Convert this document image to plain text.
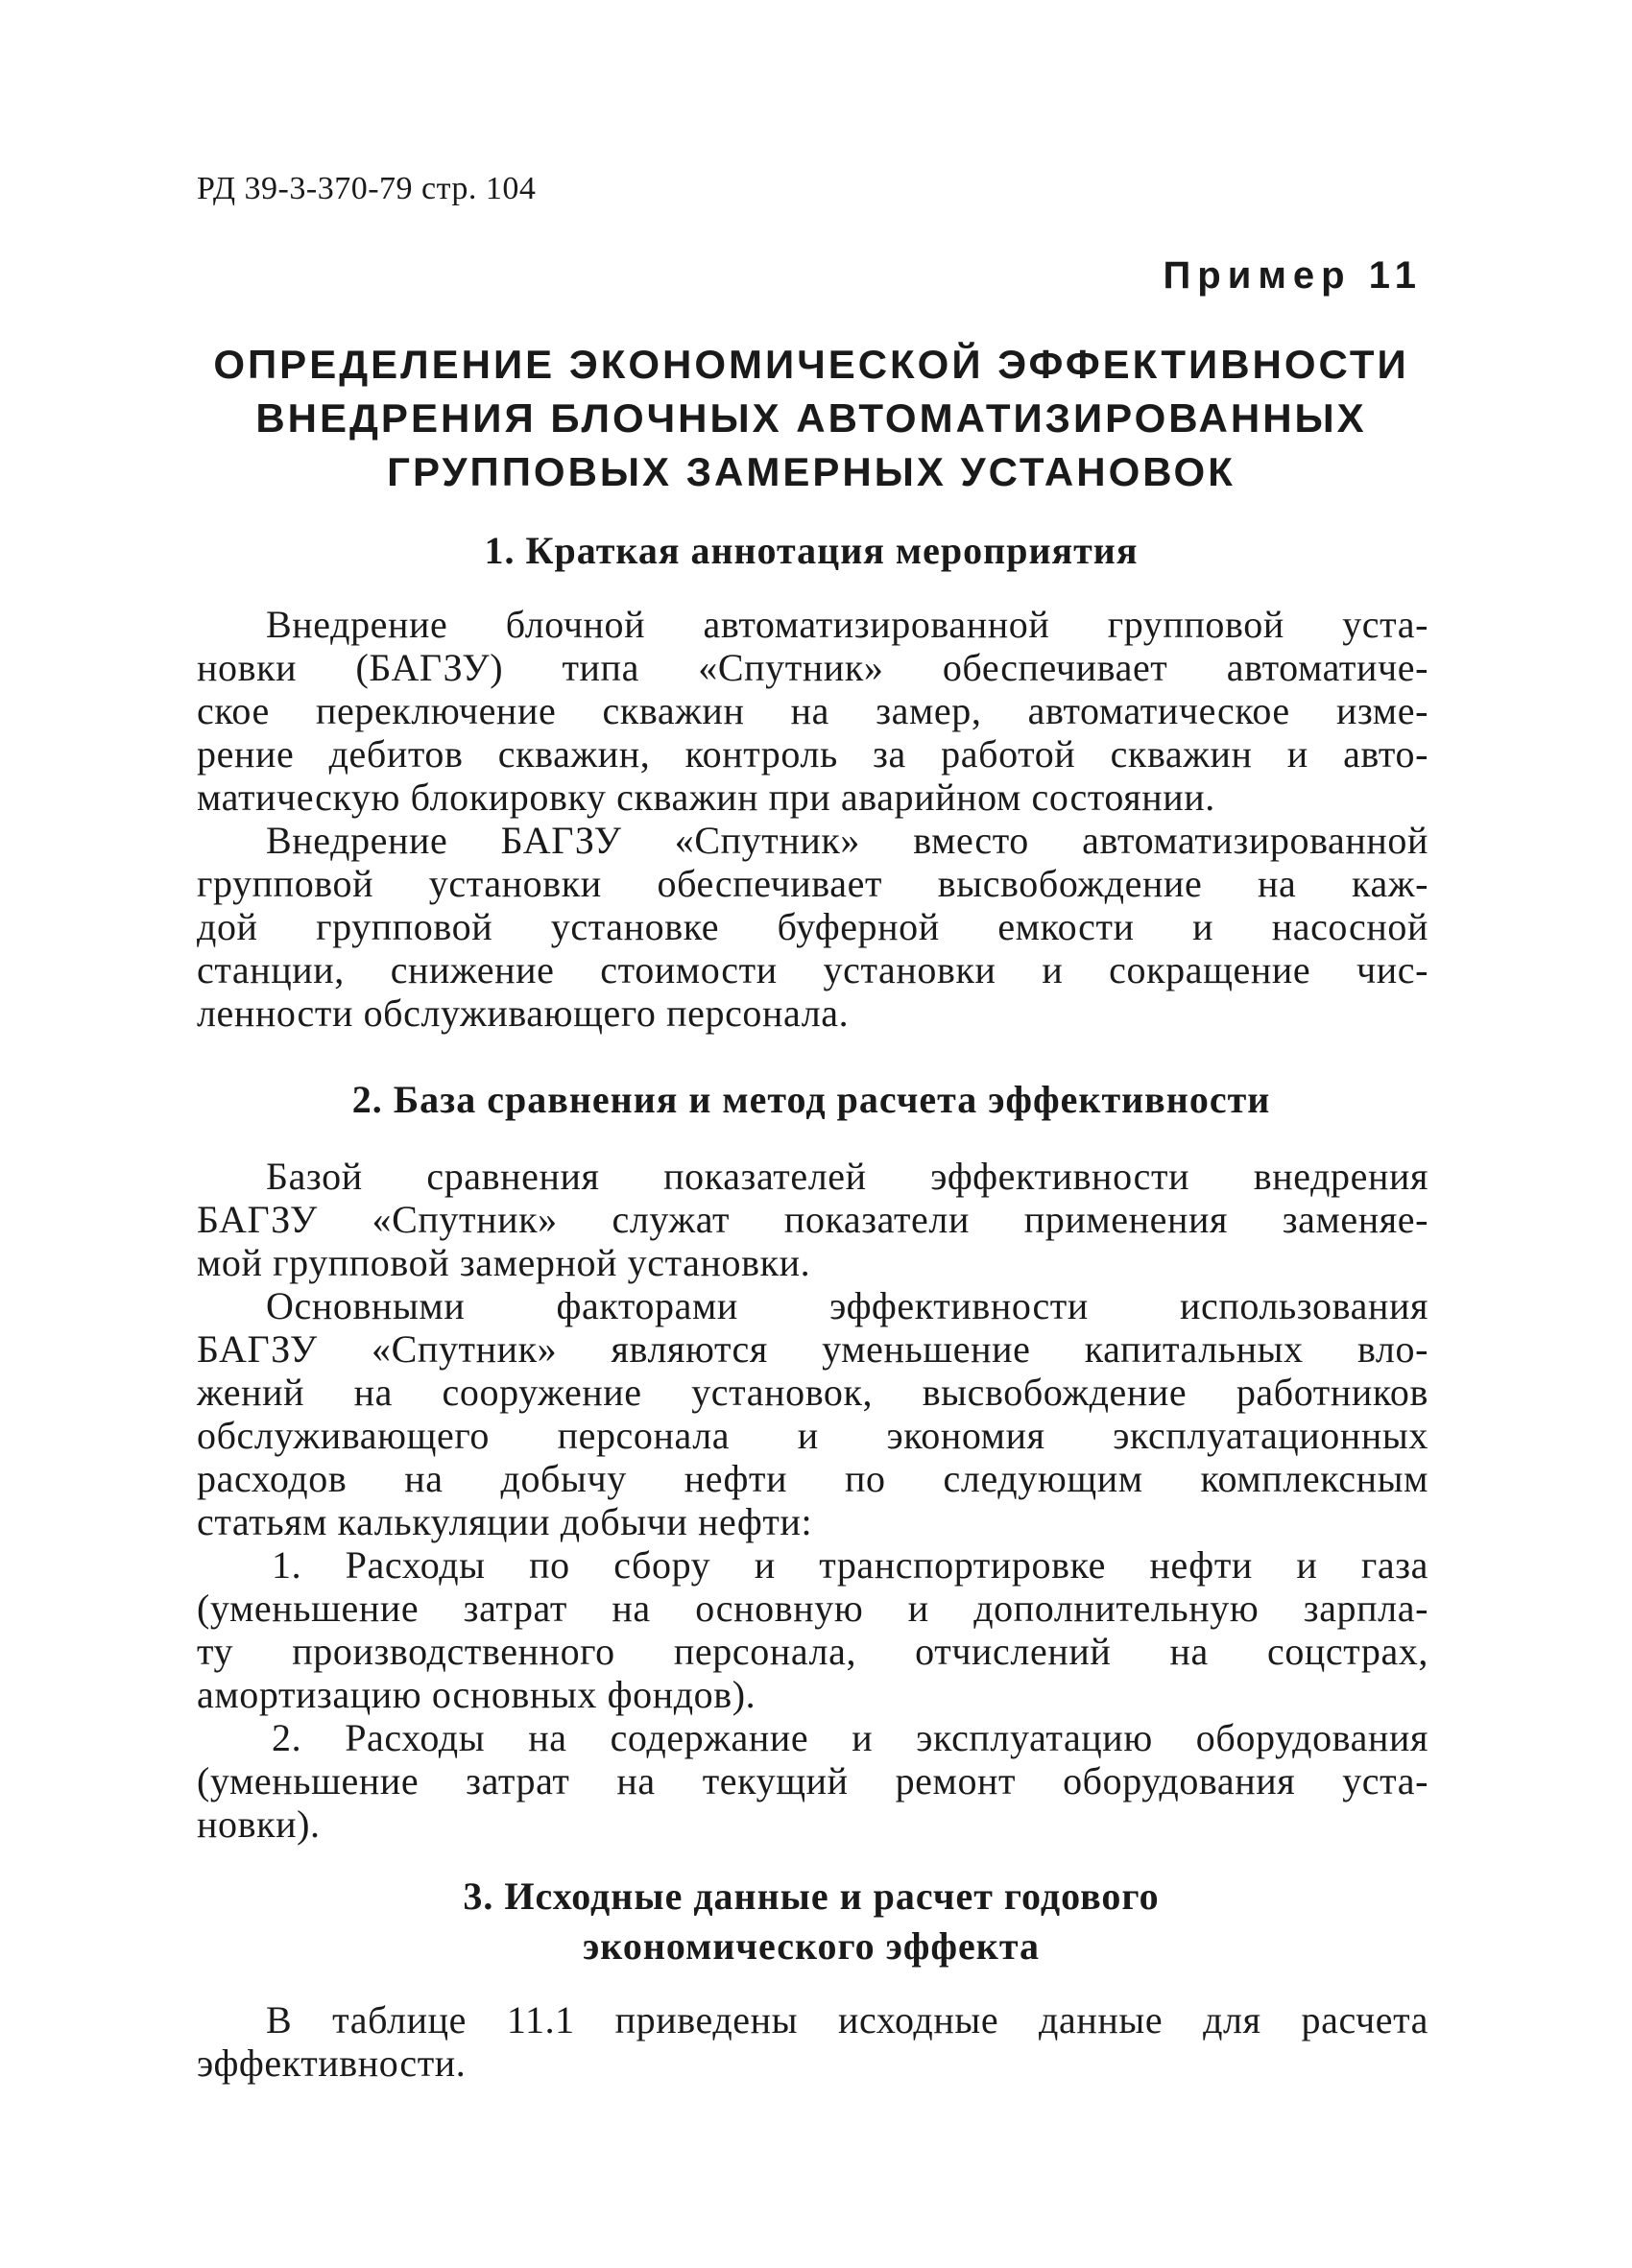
РД 39-3-370-79 стр. 104
Пример 11
ОПРЕДЕЛЕНИЕ ЭКОНОМИЧЕСКОЙ ЭФФЕКТИВНОСТИ
ВНЕДРЕНИЯ БЛОЧНЫХ АВТОМАТИЗИРОВАННЫХ
ГРУППОВЫХ ЗАМЕРНЫХ УСТАНОВОК
1. Краткая аннотация мероприятия
Внедрение блочной автоматизированной групповой уста-
новки (БАГЗУ) типа «Спутник» обеспечивает автоматиче-
ское переключение скважин на замер, автоматическое изме-
рение дебитов скважин, контроль за работой скважин и авто-
матическую блокировку скважин при аварийном состоянии.
Внедрение БАГЗУ «Спутник» вместо автоматизированной
групповой установки обеспечивает высвобождение на каж-
дой групповой установке буферной емкости и насосной
станции, снижение стоимости установки и сокращение чис-
ленности обслуживающего персонала.
2. База сравнения и метод расчета эффективности
Базой сравнения показателей эффективности внедрения
БАГЗУ «Спутник» служат показатели применения заменяе-
мой групповой замерной установки.
Основными факторами эффективности использования
БАГЗУ «Спутник» являются уменьшение капитальных вло-
жений на сооружение установок, высвобождение работников
обслуживающего персонала и экономия эксплуатационных
расходов на добычу нефти по следующим комплексным
статьям калькуляции добычи нефти:
1. Расходы по сбору и транспортировке нефти и газа
(уменьшение затрат на основную и дополнительную зарпла-
ту производственного персонала, отчислений на соцстрах,
амортизацию основных фондов).
2. Расходы на содержание и эксплуатацию оборудования
(уменьшение затрат на текущий ремонт оборудования уста-
новки).
3. Исходные данные и расчет годового
экономического эффекта
В таблице 11.1 приведены исходные данные для расчета
эффективности.
